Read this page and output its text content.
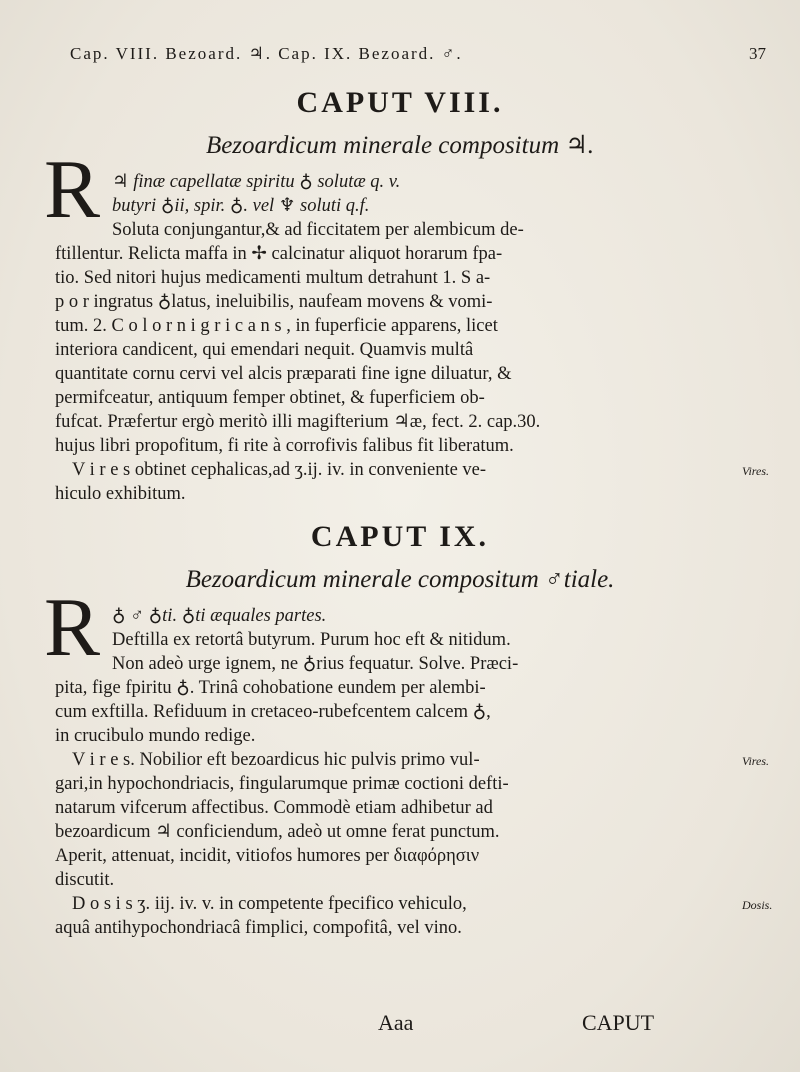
Cap. VIII. Bezoard. ♃. Cap. IX. Bezoard. ♂.	37
CAPUT VIII.
Bezoardicum minerale compositum ♃.
R ♃ finæ capellatæ spiritu ♁ solutæ q. v.
butyri ♁ii, spir. ♁. vel ♆ soluti q.f.
Soluta conjungantur,& ad ficcitatem per alembicum de-
ftillentur. Relicta maffa in ✢ calcinatur aliquot horarum fpa-
tio. Sed nitori hujus medicamenti multum detrahunt 1. S a-
p o r ingratus ♁latus, ineluibilis, naufeam movens & vomi-
tum. 2. C o l o r n i g r i c a n s , in fuperficie apparens, licet
interiora candicent, qui emendari nequit. Quamvis multâ
quantitate cornu cervi vel alcis præparati fine igne diluatur, &
permifceatur, antiquum femper obtinet, & fuperficiem ob-
fufcat. Præfertur ergò meritò illi magifterium ♃æ, fect. 2. cap.30.
hujus libri propofitum, fi rite à corrofivis falibus fit liberatum.
V i r e s obtinet cephalicas,ad ʒ.ij. iv. in conveniente ve-
hiculo exhibitum.
Vires.
CAPUT IX.
Bezoardicum minerale compositum ♂tiale.
R ♁ ♂ ♁ti. ♁ti æquales partes.
Deftilla ex retortâ butyrum. Purum hoc eft & nitidum.
Non adeò urge ignem, ne ♁rius fequatur. Solve. Præci-
pita, fige fpiritu ♁. Trinâ cohobatione eundem per alembi-
cum exftilla. Refiduum in cretaceo-rubefcentem calcem ♁,
in crucibulo mundo redige.
V i r e s. Nobilior eft bezoardicus hic pulvis primo vul-
gari,in hypochondriacis, fingularumque primæ coctioni defti-
natarum vifcerum affectibus. Commodè etiam adhibetur ad
bezoardicum ♃ conficiendum, adeò ut omne ferat punctum.
Aperit, attenuat, incidit, vitiofos humores per διαφόρησιν
discutit.
D o s i s ʒ. iij. iv. v. in competente fpecifico vehiculo,
aquâ antihypochondriacâ fimplici, compofitâ, vel vino.
Vires.
Dosis.
Aaa	CAPUT
